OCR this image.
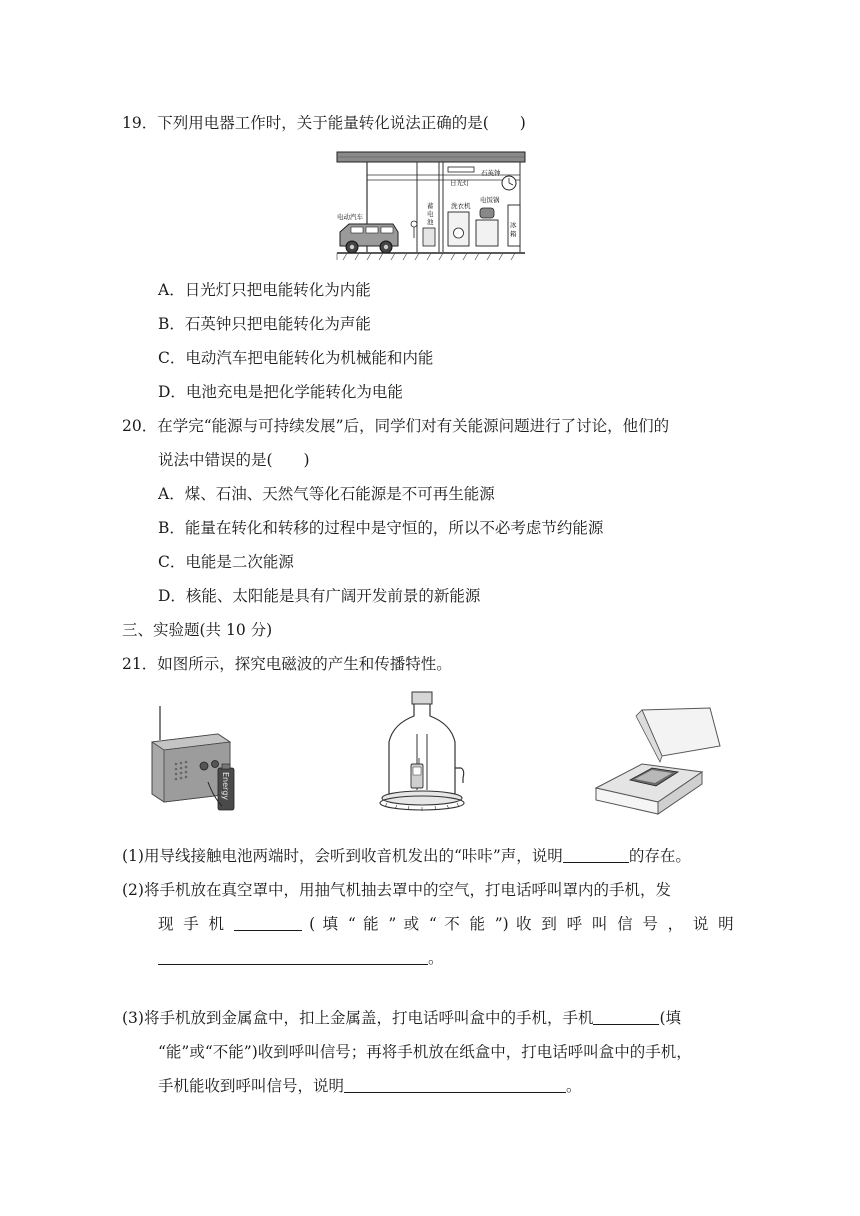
19．下列用电器工作时，关于能量转化说法正确的是(　　)
日光灯
石英钟
电动汽车
蓄
电
池
洗衣机
电饭锅
冰
箱
A．日光灯只把电能转化为内能
B．石英钟只把电能转化为声能
C．电动汽车把电能转化为机械能和内能
D．电池充电是把化学能转化为电能
20．在学完“能源与可持续发展”后，同学们对有关能源问题进行了讨论，他们的
说法中错误的是(　　)
A．煤、石油、天然气等化石能源是不可再生能源
B．能量在转化和转移的过程中是守恒的，所以不必考虑节约能源
C．电能是二次能源
D．核能、太阳能是具有广阔开发前景的新能源
三、实验题(共 10 分)
21．如图所示，探究电磁波的产生和传播特性。
Energy
(1)用导线接触电池两端时，会听到收音机发出的“咔咔”声，说明	的存在。
(2)将手机放在真空罩中，用抽气机抽去罩中的空气，打电话呼叫罩内的手机，发
现 手 机	( 填 “ 能 ” 或 “ 不 能 ”) 收 到 呼 叫 信 号 ， 说 明
。
(3)将手机放到金属盒中，扣上金属盖，打电话呼叫盒中的手机，手机	(填
“能”或“不能”)收到呼叫信号；再将手机放在纸盒中，打电话呼叫盒中的手机，
手机能收到呼叫信号，说明	。
